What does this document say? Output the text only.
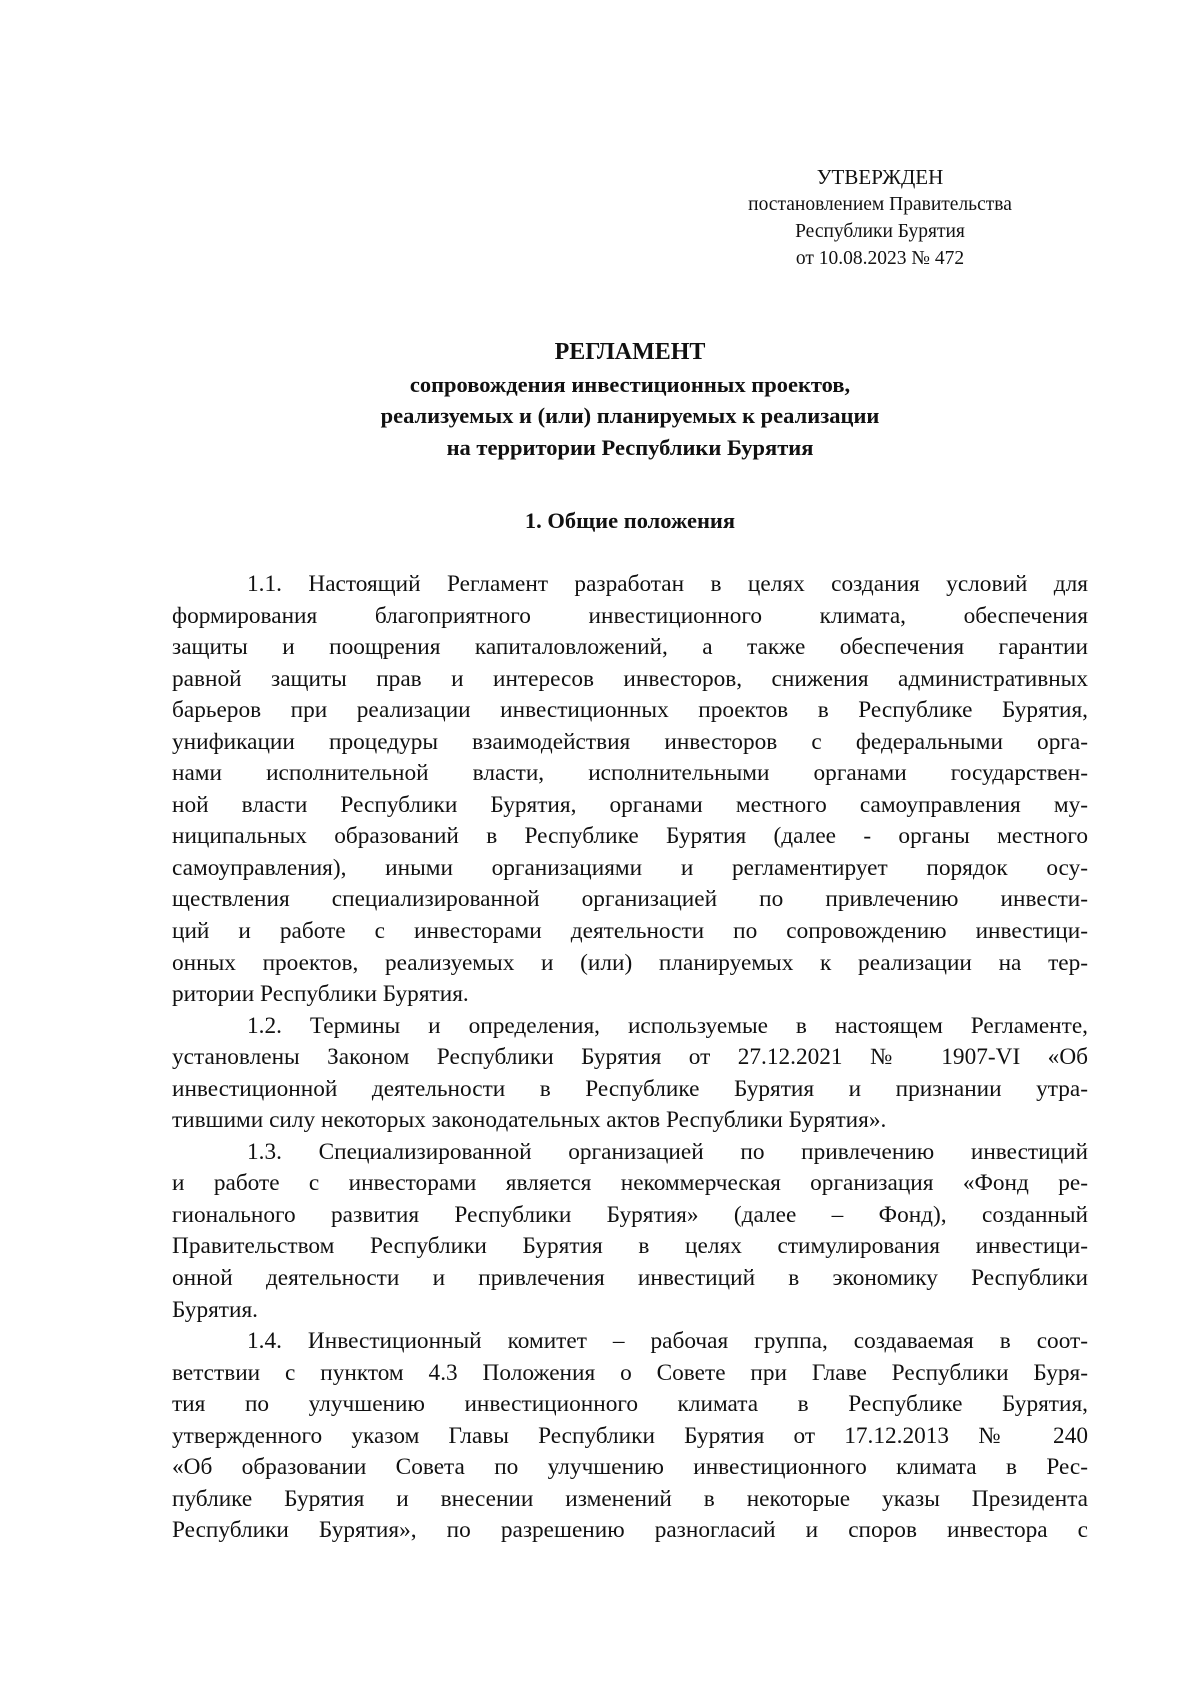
УТВЕРЖДЕН
постановлением Правительства
Республики Бурятия
от 10.08.2023 № 472
РЕГЛАМЕНТ
сопровождения инвестиционных проектов,
реализуемых и (или) планируемых к реализации
на территории Республики Бурятия
1. Общие положения
1.1. Настоящий Регламент разработан в целях создания условий для
формирования благоприятного инвестиционного климата, обеспечения
защиты и поощрения капиталовложений, а также обеспечения гарантии
равной защиты прав и интересов инвесторов, снижения административных
барьеров при реализации инвестиционных проектов в Республике Бурятия,
унификации процедуры взаимодействия инвесторов с федеральными орга-
нами исполнительной власти, исполнительными органами государствен-
ной власти Республики Бурятия, органами местного самоуправления му-
ниципальных образований в Республике Бурятия (далее - органы местного
самоуправления), иными организациями и регламентирует порядок осу-
ществления специализированной организацией по привлечению инвести-
ций и работе с инвесторами деятельности по сопровождению инвестици-
онных проектов, реализуемых и (или) планируемых к реализации на тер-
ритории Республики Бурятия.
1.2. Термины и определения, используемые в настоящем Регламенте,
установлены Законом Республики Бурятия от 27.12.2021 № 1907-VI «Об
инвестиционной деятельности в Республике Бурятия и признании утра-
тившими силу некоторых законодательных актов Республики Бурятия».
1.3. Специализированной организацией по привлечению инвестиций
и работе с инвесторами является некоммерческая организация «Фонд ре-
гионального развития Республики Бурятия» (далее – Фонд), созданный
Правительством Республики Бурятия в целях стимулирования инвестици-
онной деятельности и привлечения инвестиций в экономику Республики
Бурятия.
1.4. Инвестиционный комитет – рабочая группа, создаваемая в соот-
ветствии с пунктом 4.3 Положения о Совете при Главе Республики Буря-
тия по улучшению инвестиционного климата в Республике Бурятия,
утвержденного указом Главы Республики Бурятия от 17.12.2013 № 240
«Об образовании Совета по улучшению инвестиционного климата в Рес-
публике Бурятия и внесении изменений в некоторые указы Президента
Республики Бурятия», по разрешению разногласий и споров инвестора с
